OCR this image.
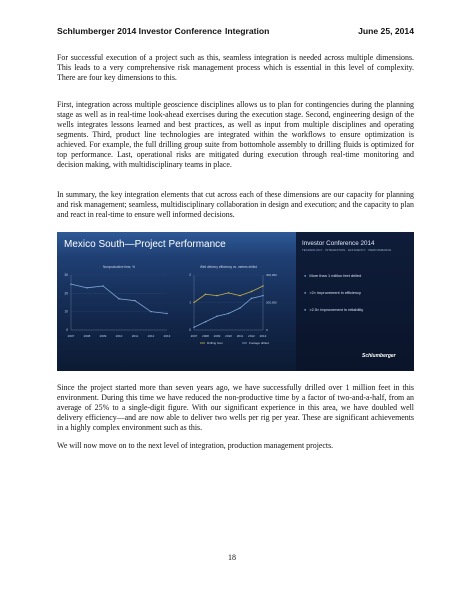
Schlumberger 2014 Investor Conference Integration	June 25, 2014

For successful execution of a project such as this, seamless integration is needed across multiple dimensions. This leads to a very comprehensive risk management process which is essential in this level of complexity. There are four key dimensions to this.

First, integration across multiple geoscience disciplines allows us to plan for contingencies during the planning stage as well as in real-time look-ahead exercises during the execution stage. Second, engineering design of the wells integrates lessons learned and best practices, as well as input from multiple disciplines and operating segments. Third, product line technologies are integrated within the workflows to ensure optimization is achieved. For example, the full drilling group suite from bottomhole assembly to drilling fluids is optimized for top performance. Last, operational risks are mitigated during execution through real-time monitoring and decision making, with multidisciplinary teams in place.

In summary, the key integration elements that cut across each of these dimensions are our capacity for planning and risk management; seamless, multidisciplinary collaboration in design and execution; and the capacity to plan and react in real-time to ensure well informed decisions.

Mexico South—Project Performance
Nonproductive time, %
0
10
20
30
2007	2008	2009	2010	2011	2012	2013
Well delivery efficiency vs. meters drilled
0
1
2
0
200,000
400,000
2007 2008 2009 2010 2011 2012 2013
Drilling hour	Footage drilled
Investor Conference 2014
TECHNOLOGY · INTEGRATION · EFFICIENCY · PERFORMANCE
● More than 1 million feet drilled
● >2× improvement in efficiency
● >2.5× improvement in reliability
Schlumberger

Since the project started more than seven years ago, we have successfully drilled over 1 million feet in this environment. During this time we have reduced the non-productive time by a factor of two-and-a-half, from an average of 25% to a single-digit figure. With our significant experience in this area, we have doubled well delivery efficiency—and are now able to deliver two wells per rig per year. These are significant achievements in a highly complex environment such as this.

We will now move on to the next level of integration, production management projects.

18
